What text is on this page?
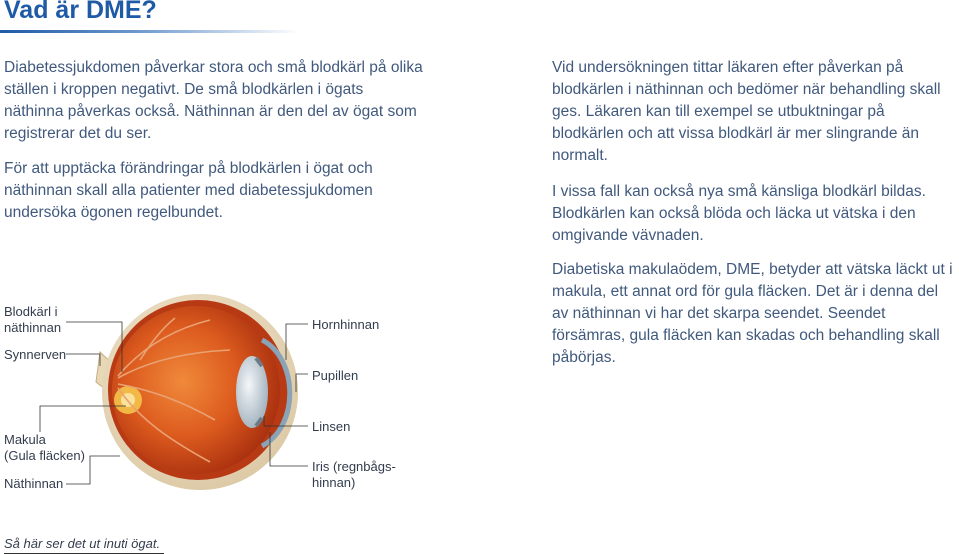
Vad är DME?

Diabetessjukdomen påverkar stora och små blodkärl på olika ställen i kroppen negativt. De små blodkärlen i ögats näthinna påverkas också. Näthinnan är den del av ögat som registrerar det du ser.

För att upptäcka förändringar på blodkärlen i ögat och näthinnan skall alla patienter med diabetessjukdomen undersöka ögonen regelbundet.

Vid undersökningen tittar läkaren efter påverkan på blodkärlen i näthinnan och bedömer när behandling skall ges. Läkaren kan till exempel se utbuktningar på blodkärlen och att vissa blodkärl är mer slingrande än normalt.

I vissa fall kan också nya små känsliga blodkärl bildas. Blodkärlen kan också blöda och läcka ut vätska i den omgivande vävnaden.

Diabetiska makulaödem, DME, betyder att vätska läckt ut i makula, ett annat ord för gula fläcken. Det är i denna del av näthinnan vi har det skarpa seendet. Seendet försämras, gula fläcken kan skadas och behandling skall påbörjas.

Blodkärl i
näthinnan

Synnerven

Makula
(Gula fläcken)

Näthinnan

Hornhinnan

Pupillen

Linsen

Iris (regnbågs-
hinnan)

Så här ser det ut inuti ögat.
